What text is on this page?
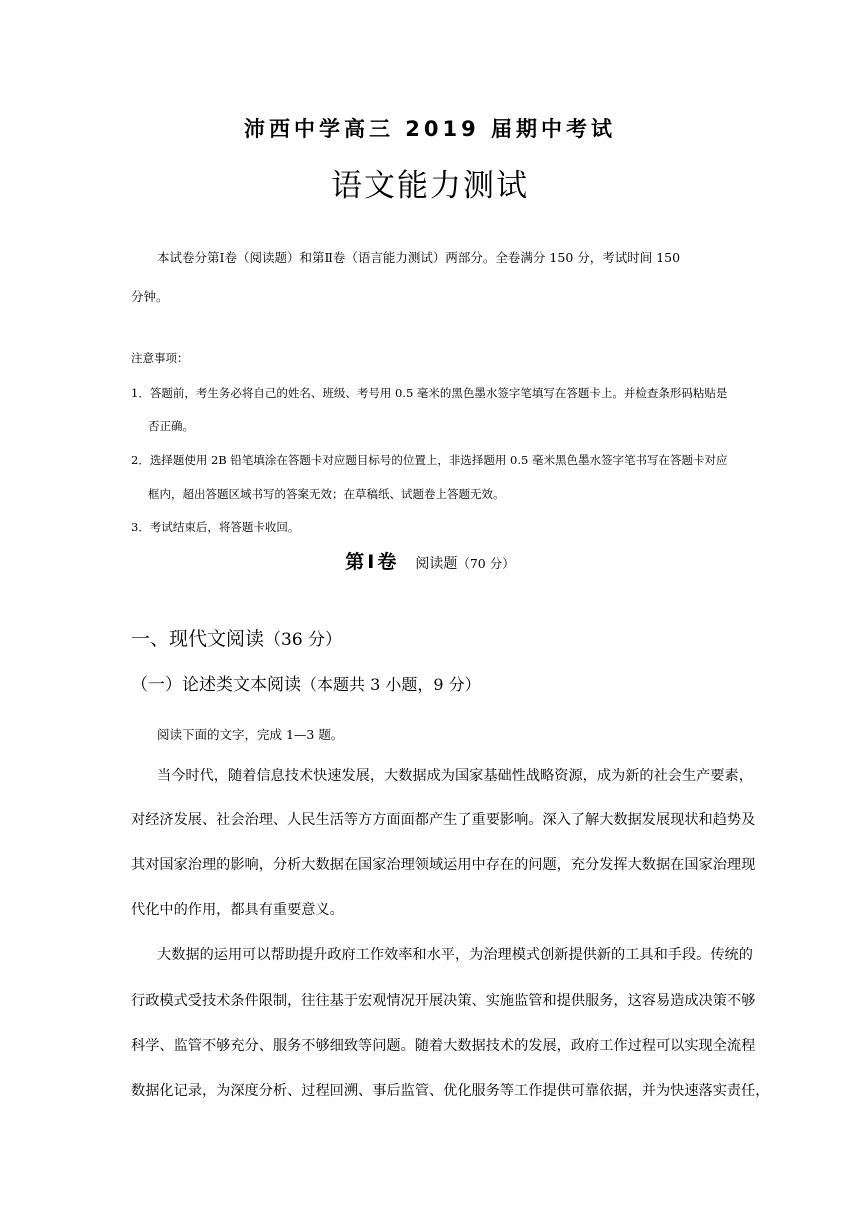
沛西中学高三 2019 届期中考试
语文能力测试
本试卷分第Ⅰ卷（阅读题）和第Ⅱ卷（语言能力测试）两部分。全卷满分 150 分，考试时间 150
分钟。
注意事项：
1．答题前，考生务必将自己的姓名、班级、考号用 0.5 毫米的黑色墨水签字笔填写在答题卡上。并检查条形码粘贴是
否正确。
2．选择题使用 2B 铅笔填涂在答题卡对应题目标号的位置上，非选择题用 0.5 毫米黑色墨水签字笔书写在答题卡对应
框内，超出答题区域书写的答案无效；在草稿纸、试题卷上答题无效。
3．考试结束后，将答题卡收回。
第Ⅰ卷 阅读题（70 分）
一、现代文阅读（36 分）
（一）论述类文本阅读（本题共 3 小题，9 分）
阅读下面的文字，完成 1—3 题。
当今时代，随着信息技术快速发展，大数据成为国家基础性战略资源，成为新的社会生产要素，
对经济发展、社会治理、人民生活等方方面面都产生了重要影响。深入了解大数据发展现状和趋势及
其对国家治理的影响，分析大数据在国家治理领域运用中存在的问题，充分发挥大数据在国家治理现
代化中的作用，都具有重要意义。
大数据的运用可以帮助提升政府工作效率和水平，为治理模式创新提供新的工具和手段。传统的
行政模式受技术条件限制，往往基于宏观情况开展决策、实施监管和提供服务，这容易造成决策不够
科学、监管不够充分、服务不够细致等问题。随着大数据技术的发展，政府工作过程可以实现全流程
数据化记录，为深度分析、过程回溯、事后监管、优化服务等工作提供可靠依据，并为快速落实责任，
